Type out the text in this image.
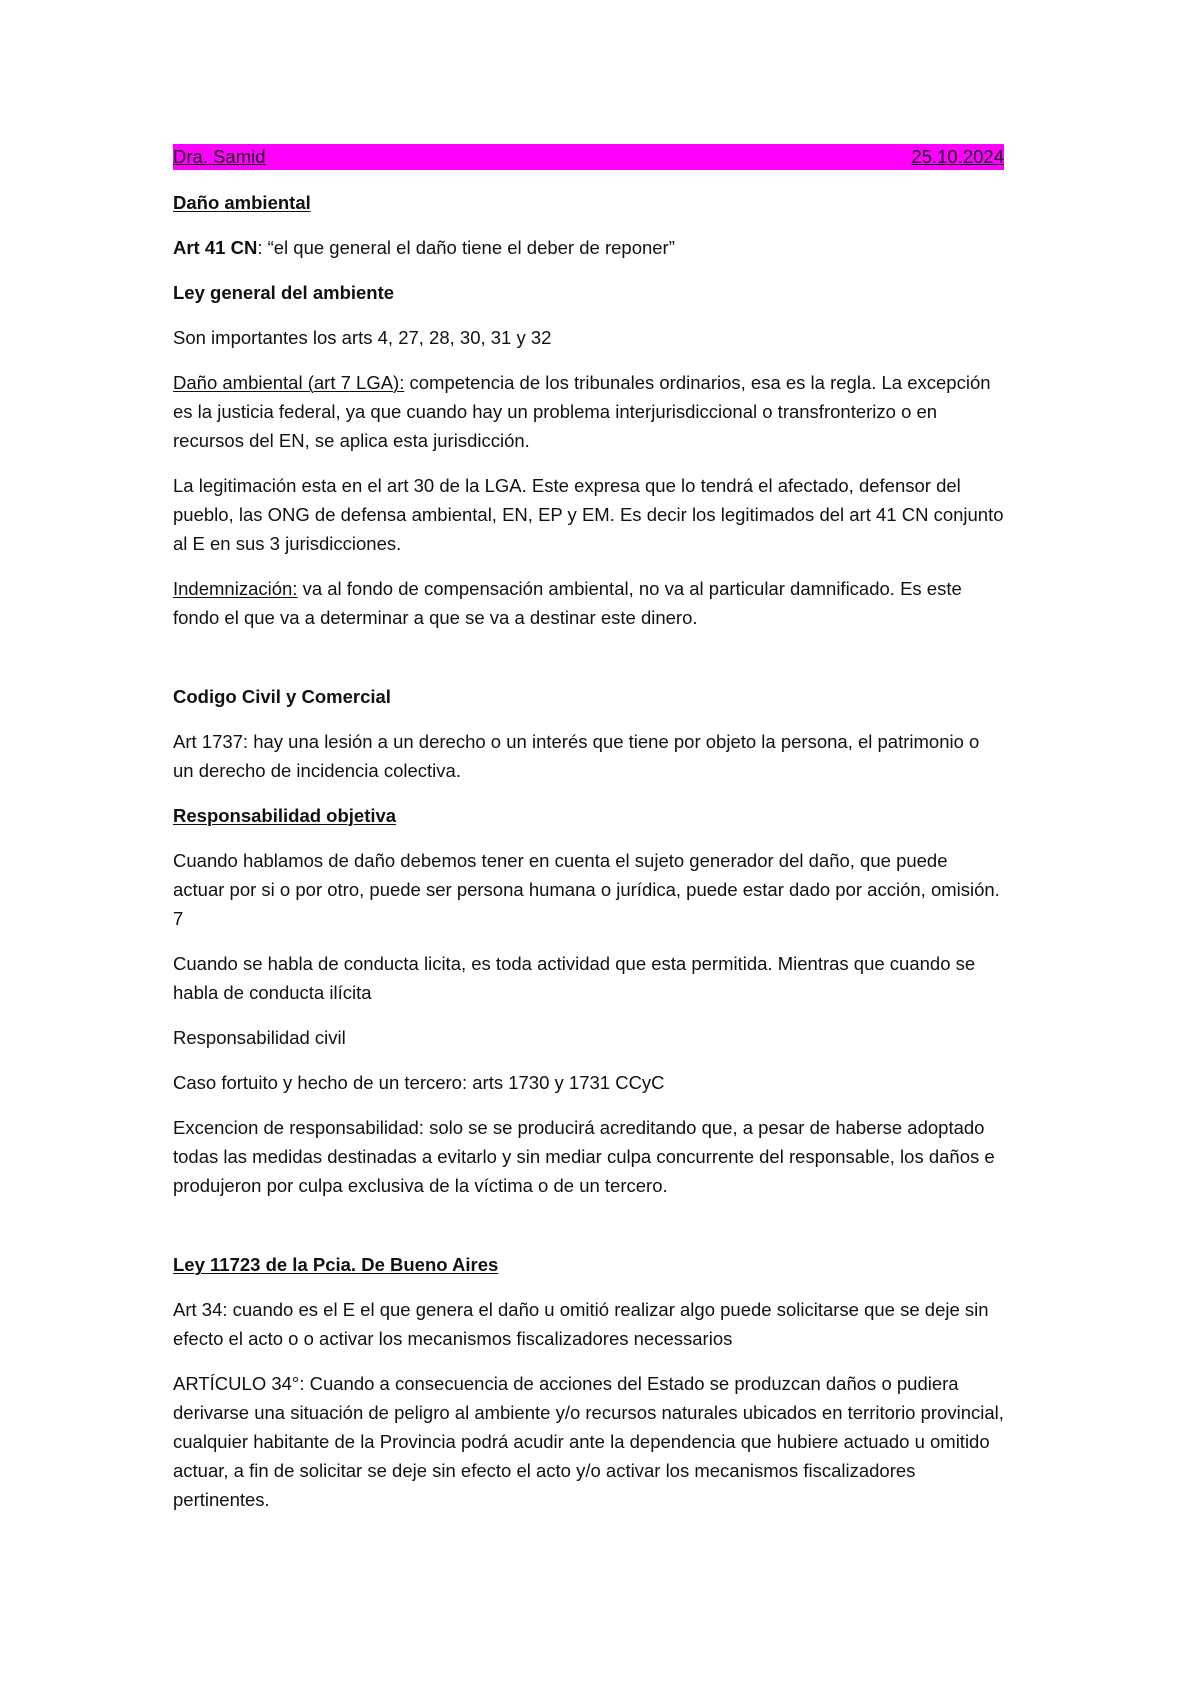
Dra. Samid	25.10.2024

Daño ambiental

Art 41 CN: “el que general el daño tiene el deber de reponer”

Ley general del ambiente

Son importantes los arts 4, 27, 28, 30, 31 y 32

Daño ambiental (art 7 LGA): competencia de los tribunales ordinarios, esa es la regla. La excepción es la justicia federal, ya que cuando hay un problema interjurisdiccional o transfronterizo o en recursos del EN, se aplica esta jurisdicción.

La legitimación esta en el art 30 de la LGA. Este expresa que lo tendrá el afectado, defensor del pueblo, las ONG de defensa ambiental, EN, EP y EM. Es decir los legitimados del art 41 CN conjunto al E en sus 3 jurisdicciones.

Indemnización: va al fondo de compensación ambiental, no va al particular damnificado. Es este fondo el que va a determinar a que se va a destinar este dinero.

Codigo Civil y Comercial

Art 1737: hay una lesión a un derecho o un interés que tiene por objeto la persona, el patrimonio o un derecho de incidencia colectiva.

Responsabilidad objetiva

Cuando hablamos de daño debemos tener en cuenta el sujeto generador del daño, que puede actuar por si o por otro, puede ser persona humana o jurídica, puede estar dado por acción, omisión. 7

Cuando se habla de conducta licita, es toda actividad que esta permitida. Mientras que cuando se habla de conducta ilícita

Responsabilidad civil

Caso fortuito y hecho de un tercero: arts 1730 y 1731 CCyC

Excencion de responsabilidad: solo se se producirá acreditando que, a pesar de haberse adoptado todas las medidas destinadas a evitarlo y sin mediar culpa concurrente del responsable, los daños e produjeron por culpa exclusiva de la víctima o de un tercero.

Ley 11723 de la Pcia. De Bueno Aires

Art 34: cuando es el E el que genera el daño u omitió realizar algo puede solicitarse que se deje sin efecto el acto o o activar los mecanismos fiscalizadores necessarios

ARTÍCULO 34°: Cuando a consecuencia de acciones del Estado se produzcan daños o pudiera derivarse una situación de peligro al ambiente y/o recursos naturales ubicados en territorio provincial, cualquier habitante de la Provincia podrá acudir ante la dependencia que hubiere actuado u omitido actuar, a fin de solicitar se deje sin efecto el acto y/o activar los mecanismos fiscalizadores pertinentes.
